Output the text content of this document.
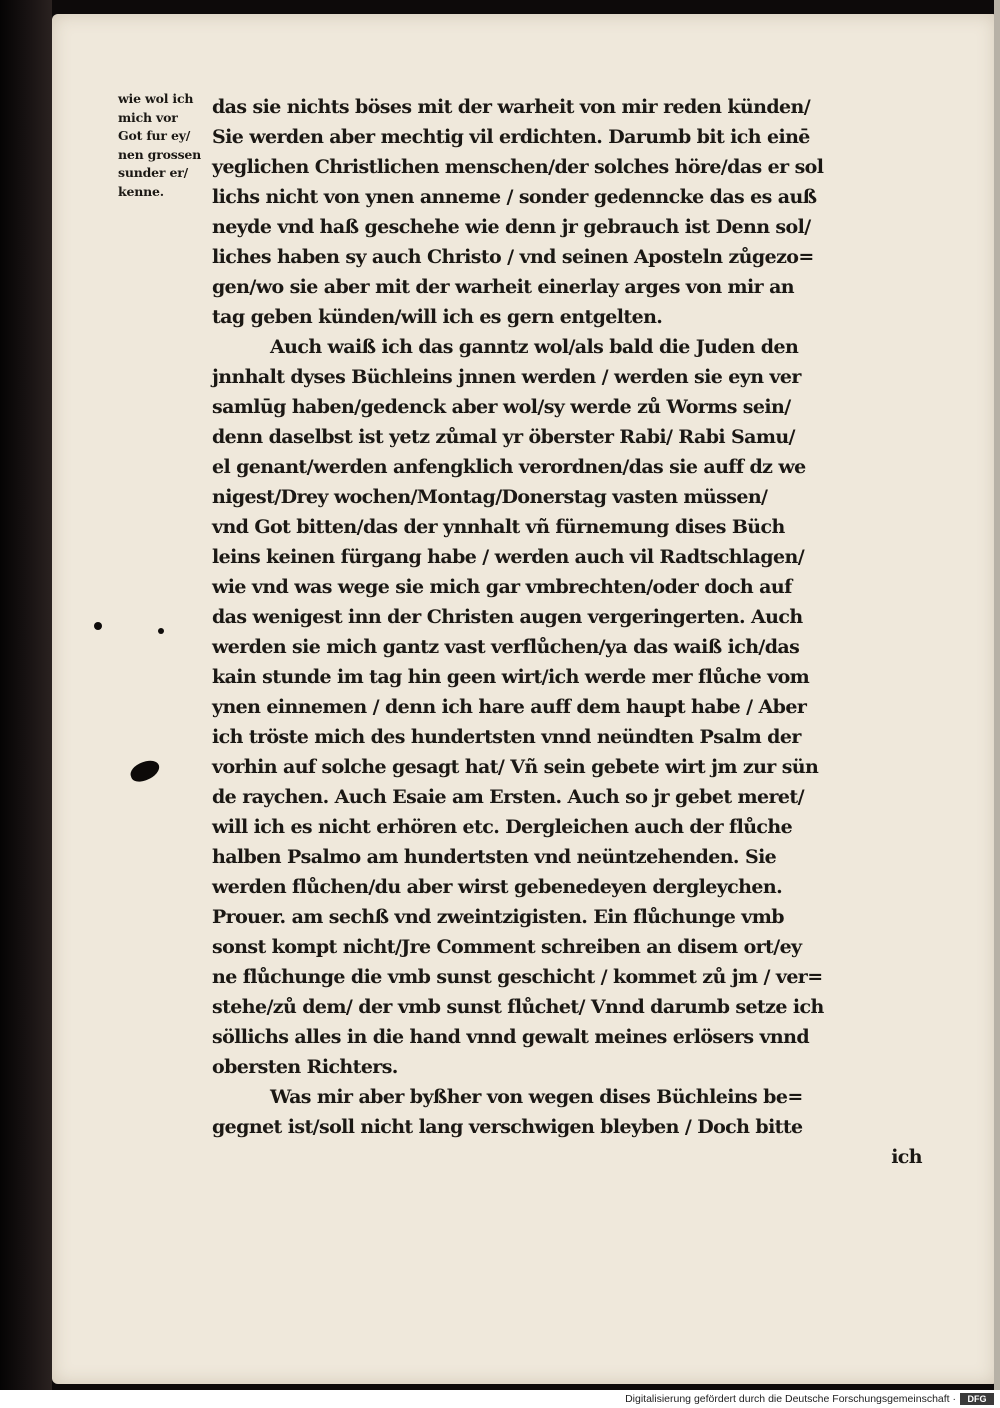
wie wol ich
mich vor
Got fur ey/
nen grossen
sunder er/
kenne.
das sie nichts böses mit der warheit von mir reden künden/
Sie werden aber mechtig vil erdichten. Darumb bit ich einē
yeglichen Christlichen menschen/der solches höre/das er sol
lichs nicht von ynen anneme / sonder gedenncke das es auß
neyde vnd haß geschehe wie denn jr gebrauch ist Denn sol/
liches haben sy auch Christo / vnd seinen Aposteln zůgezo=
gen/wo sie aber mit der warheit einerlay arges von mir an
tag geben künden/will ich es gern entgelten.
Auch waiß ich das ganntz wol/als bald die Juden den
jnnhalt dyses Büchleins jnnen werden / werden sie eyn ver
samlūg haben/gedenck aber wol/sy werde zů Worms sein/
denn daselbst ist yetz zůmal yr öberster Rabi/ Rabi Samu/
el genant/werden anfengklich verordnen/das sie auff dz we
nigest/Drey wochen/Montag/Donerstag vasten müssen/
vnd Got bitten/das der ynnhalt vñ fürnemung dises Büch
leins keinen fürgang habe / werden auch vil Radtschlagen/
wie vnd was wege sie mich gar vmbrechten/oder doch auf
das wenigest inn der Christen augen vergeringerten. Auch
werden sie mich gantz vast verflůchen/ya das waiß ich/das
kain stunde im tag hin geen wirt/ich werde mer flůche vom
ynen einnemen / denn ich hare auff dem haupt habe / Aber
ich tröste mich des hundertsten vnnd neündten Psalm der
vorhin auf solche gesagt hat/ Vñ sein gebete wirt jm zur sün
de raychen. Auch Esaie am Ersten. Auch so jr gebet meret/
will ich es nicht erhören etc. Dergleichen auch der flůche
halben Psalmo am hundertsten vnd neüntzehenden. Sie
werden flůchen/du aber wirst gebenedeyen dergleychen.
Prouer. am sechß vnd zweintzigisten. Ein flůchunge vmb
sonst kompt nicht/Jre Comment schreiben an disem ort/ey
ne flůchunge die vmb sunst geschicht / kommet zů jm / ver=
stehe/zů dem/ der vmb sunst flůchet/ Vnnd darumb setze ich
söllichs alles in die hand vnnd gewalt meines erlösers vnnd
obersten Richters.
Was mir aber byßher von wegen dises Büchleins be=
gegnet ist/soll nicht lang verschwigen bleyben / Doch bitte
ich
Digitalisierung gefördert durch die Deutsche Forschungsgemeinschaft ·	DFG
